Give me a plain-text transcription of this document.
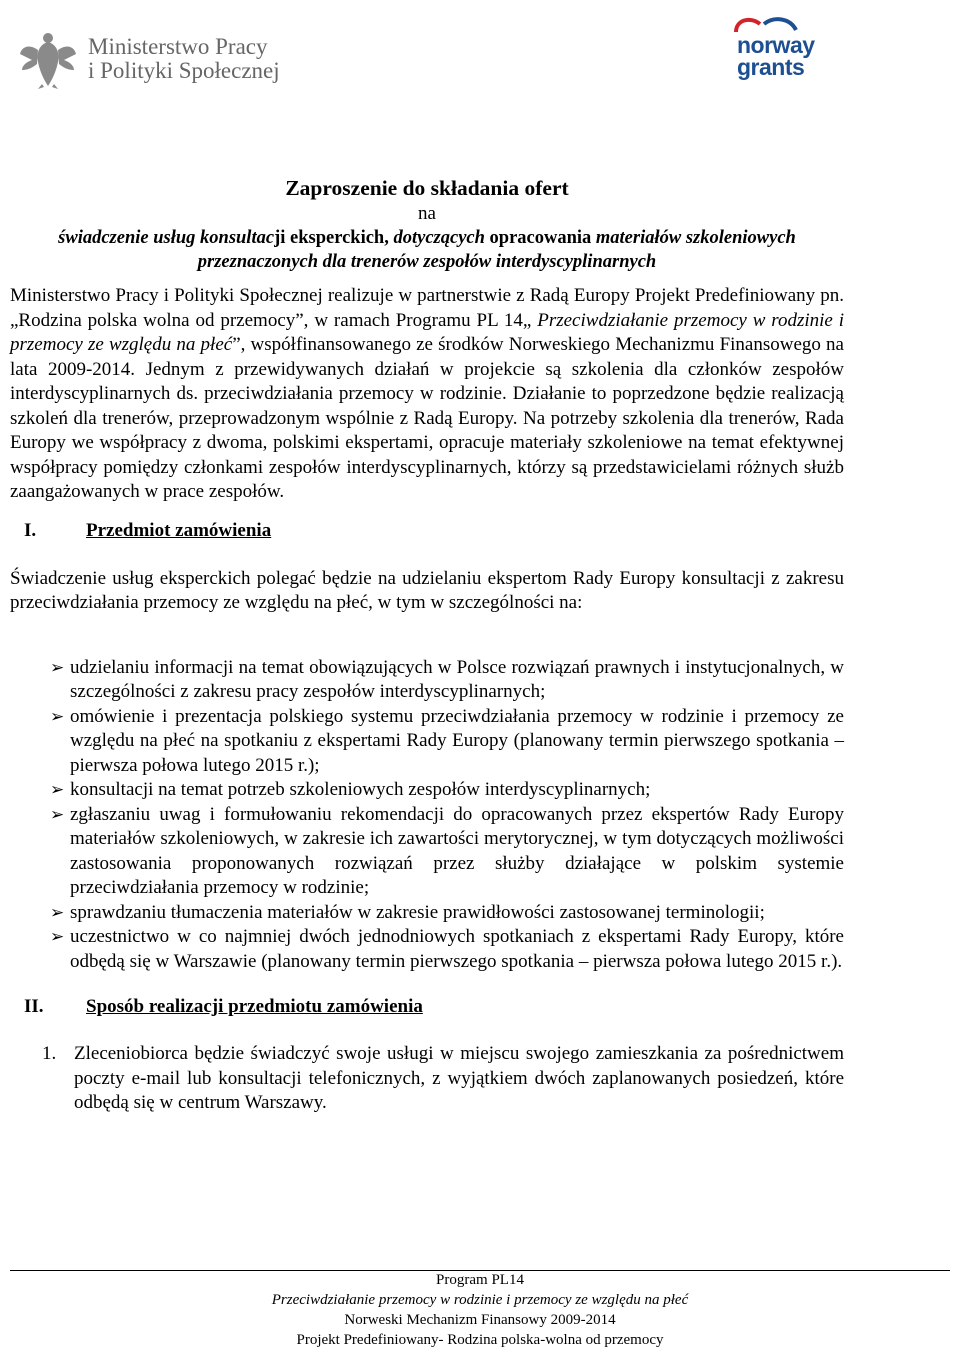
Ministerstwo Pracy
i Polityki Społecznej
norway
grants
Zaproszenie do składania ofert
na
świadczenie usług konsultacji eksperckich, dotyczących opracowania materiałów szkoleniowych
przeznaczonych dla trenerów zespołów interdyscyplinarnych
Ministerstwo Pracy i Polityki Społecznej realizuje w partnerstwie z Radą Europy Projekt Predefiniowany pn. „Rodzina polska wolna od przemocy”, w ramach Programu PL 14„ Przeciwdziałanie przemocy w rodzinie i przemocy ze względu na płeć”, współfinansowanego ze środków Norweskiego Mechanizmu Finansowego na lata 2009-2014. Jednym z przewidywanych działań w projekcie są szkolenia dla członków zespołów interdyscyplinarnych ds. przeciwdziałania przemocy w rodzinie. Działanie to poprzedzone będzie realizacją szkoleń dla trenerów, przeprowadzonym wspólnie z Radą Europy. Na potrzeby szkolenia dla trenerów, Rada Europy we współpracy z dwoma, polskimi ekspertami, opracuje materiały szkoleniowe na temat efektywnej współpracy pomiędzy członkami zespołów interdyscyplinarnych, którzy są przedstawicielami różnych służb zaangażowanych w prace zespołów.
I.	Przedmiot zamówienia
Świadczenie usług eksperckich polegać będzie na udzielaniu ekspertom Rady Europy konsultacji z zakresu przeciwdziałania przemocy ze względu na płeć, w tym w szczególności na:
➢ udzielaniu informacji na temat obowiązujących w Polsce rozwiązań prawnych i instytucjonalnych, w szczególności z zakresu pracy zespołów interdyscyplinarnych;
➢ omówienie i prezentacja polskiego systemu przeciwdziałania przemocy w rodzinie i przemocy ze względu na płeć na spotkaniu z ekspertami Rady Europy (planowany termin pierwszego spotkania – pierwsza połowa lutego 2015 r.);
➢ konsultacji na temat potrzeb szkoleniowych zespołów interdyscyplinarnych;
➢ zgłaszaniu uwag i formułowaniu rekomendacji do opracowanych przez ekspertów Rady Europy materiałów szkoleniowych, w zakresie ich zawartości merytorycznej, w tym dotyczących możliwości zastosowania proponowanych rozwiązań przez służby działające w polskim systemie przeciwdziałania przemocy w rodzinie;
➢ sprawdzaniu tłumaczenia materiałów w zakresie prawidłowości zastosowanej terminologii;
➢ uczestnictwo w co najmniej dwóch jednodniowych spotkaniach z ekspertami Rady Europy, które odbędą się w Warszawie (planowany termin pierwszego spotkania – pierwsza połowa lutego 2015 r.).
II.	Sposób realizacji przedmiotu zamówienia
1. Zleceniobiorca będzie świadczyć swoje usługi w miejscu swojego zamieszkania za pośrednictwem poczty e-mail lub konsultacji telefonicznych, z wyjątkiem dwóch zaplanowanych posiedzeń, które odbędą się w centrum Warszawy.
Program PL14
Przeciwdziałanie przemocy w rodzinie i przemocy ze względu na płeć
Norweski Mechanizm Finansowy 2009-2014
Projekt Predefiniowany- Rodzina polska-wolna od przemocy
